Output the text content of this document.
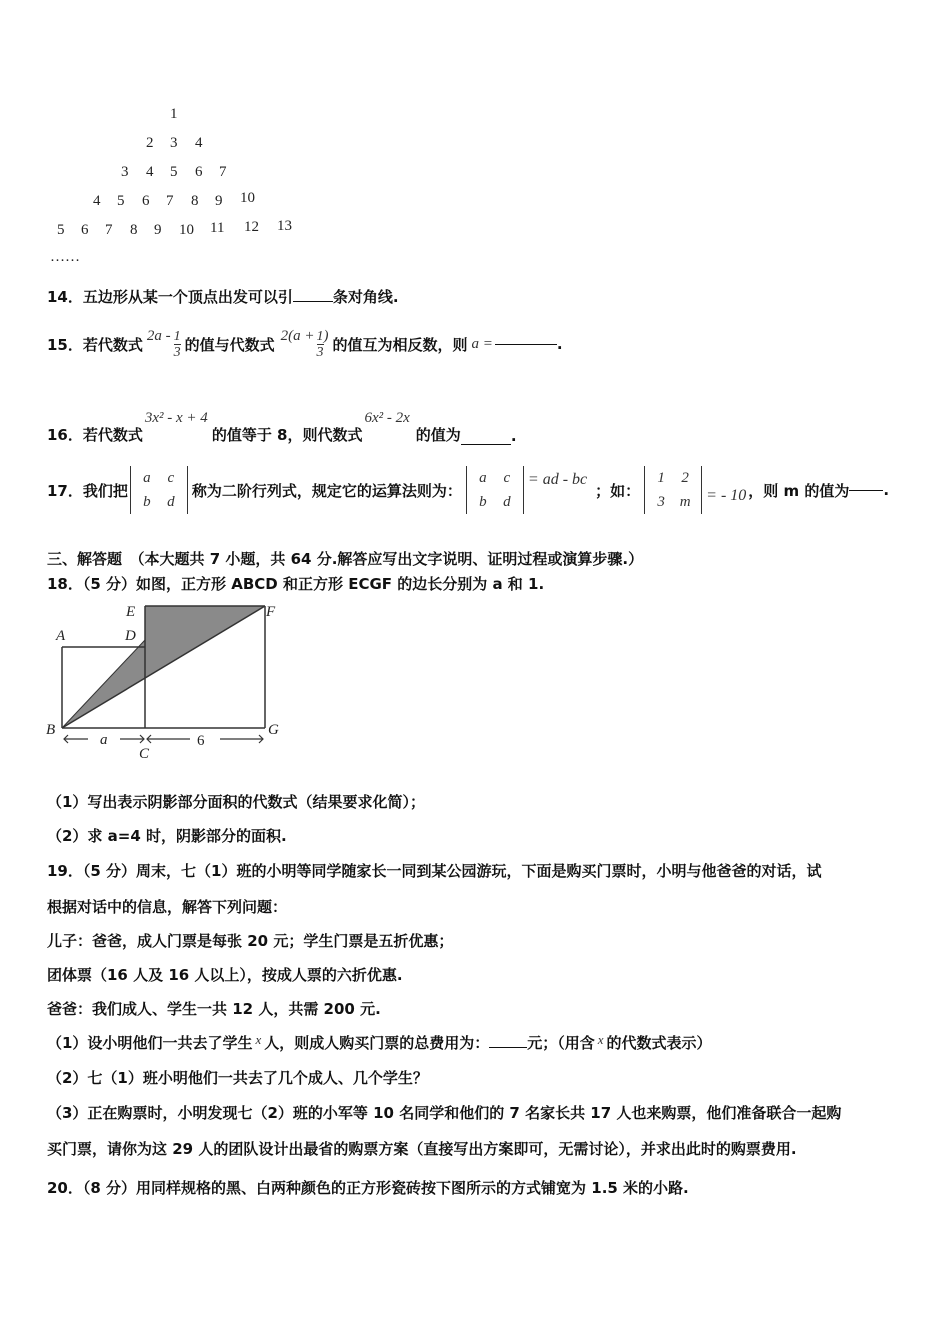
1
2 3 4
3 4 5 6 7
4 5 6 7 8 9 10
5 6 7 8 9 10 11 12 13
……
14．五边形从某一个顶点出发可以引	条对角线.
15．若代数式 $2a - \frac{1}{3}$ 的值与代数式 $2(a + \frac{1}{3}$ ) 的值互为相反数，则 a =	.
16．若代数式
3x² - x + 4
的值等于 8，则代数式
6x² - 2x
的值为	.
17．我们把
a c
b d
称为二阶行列式，规定它的运算法则为：
a c
b d
= ad - bc
；如：
1 2
3 m = - 10 ，则 m 的值为 .
三、解答题　（本大题共 7 小题，共 64 分.解答应写出文字说明、证明过程或演算步骤.）
18．（5 分）如图，正方形 ABCD 和正方形 ECGF 的边长分别为 a 和 1.
A
B
C
D
E	F
G
a	6
（1）写出表示阴影部分面积的代数式（结果要求化简）；
（2）求 a=4 时，阴影部分的面积.
19．（5 分）周末，七（1）班的小明等同学随家长一同到某公园游玩，下面是购买门票时，小明与他爸爸的对话，试
根据对话中的信息，解答下列问题：
儿子：爸爸，成人门票是每张 20 元；学生门票是五折优惠；
团体票（16 人及 16 人以上），按成人票的六折优惠.
爸爸：我们成人、学生一共 12 人，共需 200 元.
（1）设小明他们一共去了学生 x 人，则成人购买门票的总费用为：	元；（用含 x 的代数式表示）
（2）七（1）班小明他们一共去了几个成人、几个学生？
（3）正在购票时，小明发现七（2）班的小军等 10 名同学和他们的 7 名家长共 17 人也来购票，他们准备联合一起购
买门票，请你为这 29 人的团队设计出最省的购票方案（直接写出方案即可，无需讨论），并求出此时的购票费用.
20．（8 分）用同样规格的黑、白两种颜色的正方形瓷砖按下图所示的方式铺宽为 1.5 米的小路.
